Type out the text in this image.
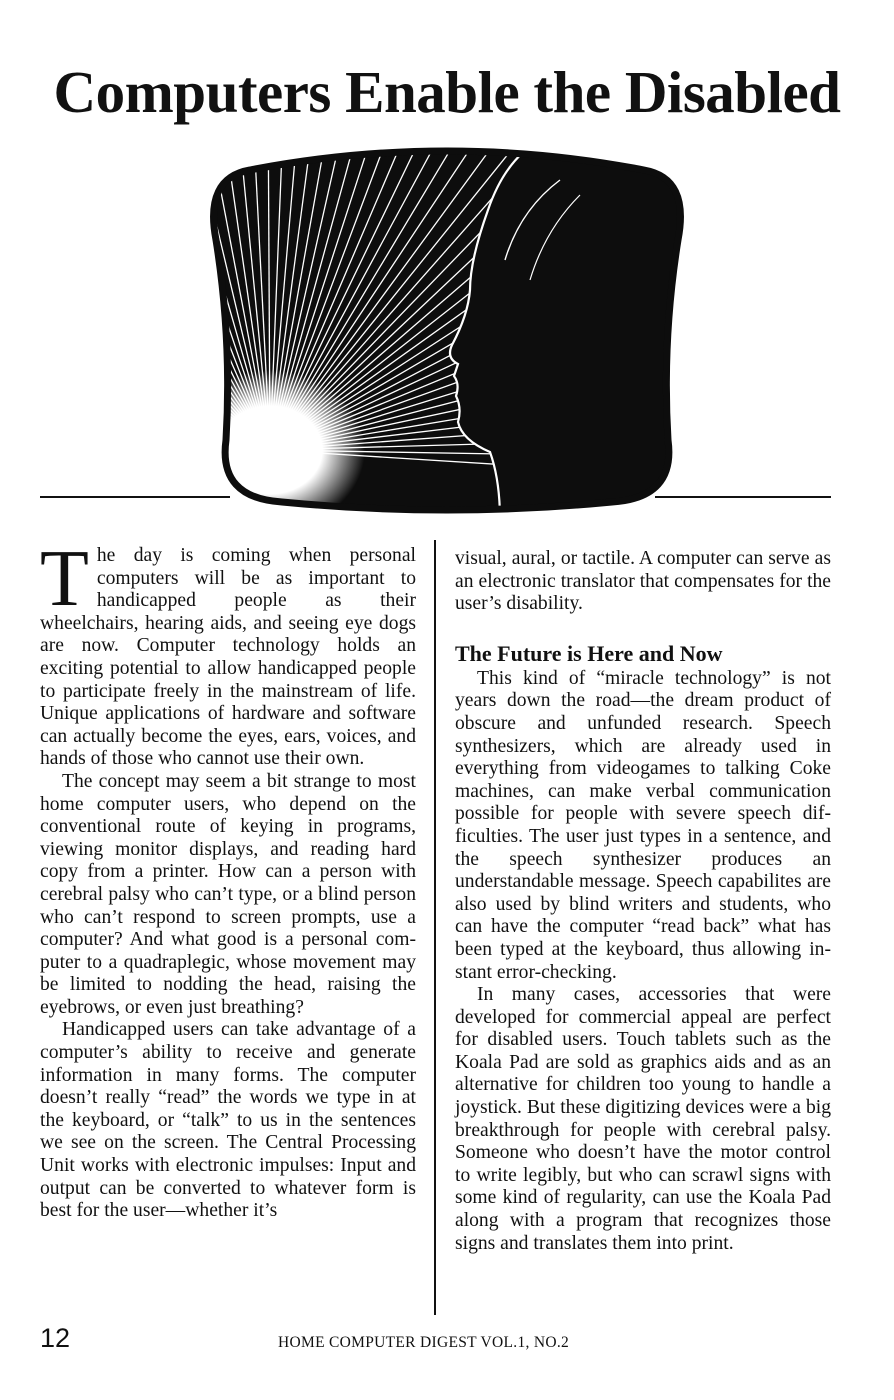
Computers Enable the Disabled

The day is coming when personal computers will be as important to handicapped people as their wheelchairs, hearing aids, and seeing eye dogs are now. Computer technology holds an exciting potential to allow handicapped people to participate freely in the mainstream of life. Unique applications of hardware and software can actually become the eyes, ears, voices, and hands of those who cannot use their own.

The concept may seem a bit strange to most home computer users, who depend on the conventional route of keying in programs, viewing monitor displays, and reading hard copy from a printer. How can a person with cerebral palsy who can’t type, or a blind person who can’t respond to screen prompts, use a computer? And what good is a personal computer to a quadraplegic, whose movement may be limited to nodding the head, raising the eyebrows, or even just breathing?

Handicapped users can take advantage of a computer’s ability to receive and generate information in many forms. The computer doesn’t really “read” the words we type in at the keyboard, or “talk” to us in the sentences we see on the screen. The Central Processing Unit works with electronic impulses: Input and output can be converted to whatever form is best for the user—whether it’s

visual, aural, or tactile. A computer can serve as an electronic translator that compensates for the user’s disability.

The Future is Here and Now

This kind of “miracle technology” is not years down the road—the dream product of obscure and unfunded research. Speech synthesizers, which are already used in everything from videogames to talking Coke machines, can make verbal communication possible for people with severe speech difficulties. The user just types in a sentence, and the speech synthesizer produces an understandable message. Speech capabilites are also used by blind writers and students, who can have the computer “read back” what has been typed at the keyboard, thus allowing instant error-checking.

In many cases, accessories that were developed for commercial appeal are perfect for disabled users. Touch tablets such as the Koala Pad are sold as graphics aids and as an alternative for children too young to handle a joystick. But these digitizing devices were a big breakthrough for people with cerebral palsy. Someone who doesn’t have the motor control to write legibly, but who can scrawl signs with some kind of regularity, can use the Koala Pad along with a program that recognizes those signs and translates them into print.

12	HOME COMPUTER DIGEST VOL.1, NO.2
